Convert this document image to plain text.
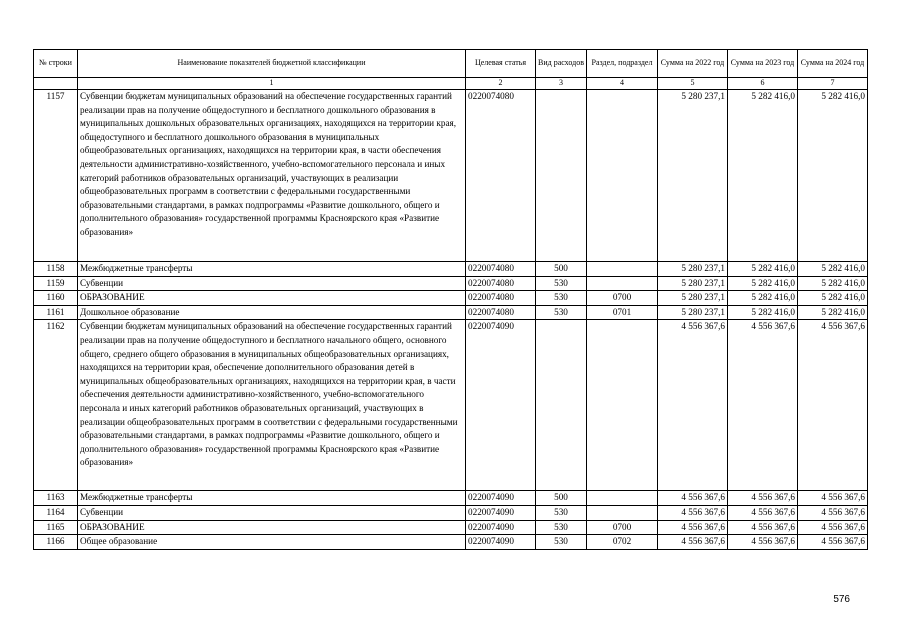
№ строки	Наименование показателей бюджетной классификации	Целевая статья	Вид расходов	Раздел, подраздел	Сумма на 2022 год	Сумма на 2023 год	Сумма на 2024 год
	1	2	3	4	5	6	7
1157	Субвенции бюджетам муниципальных образований на обеспечение государственных гарантий реализации прав на получение общедоступного и бесплатного дошкольного образования в муниципальных дошкольных образовательных организациях, находящихся на территории края, общедоступного и бесплатного дошкольного образования в муниципальных общеобразовательных организациях, находящихся на территории края, в части обеспечения деятельности административно-хозяйственного, учебно-вспомогательного персонала и иных категорий работников образовательных организаций, участвующих в реализации общеобразовательных программ в соответствии с федеральными государственными образовательными стандартами, в рамках подпрограммы «Развитие дошкольного, общего и дополнительного образования» государственной программы Красноярского края «Развитие образования»	0220074080			5 280 237,1	5 282 416,0	5 282 416,0
1158	Межбюджетные трансферты	0220074080	500		5 280 237,1	5 282 416,0	5 282 416,0
1159	Субвенции	0220074080	530		5 280 237,1	5 282 416,0	5 282 416,0
1160	ОБРАЗОВАНИЕ	0220074080	530	0700	5 280 237,1	5 282 416,0	5 282 416,0
1161	Дошкольное образование	0220074080	530	0701	5 280 237,1	5 282 416,0	5 282 416,0
1162	Субвенции бюджетам муниципальных образований на обеспечение государственных гарантий реализации прав на получение общедоступного и бесплатного начального общего, основного общего, среднего общего образования в муниципальных общеобразовательных организациях, находящихся на территории края, обеспечение дополнительного образования детей в муниципальных общеобразовательных организациях, находящихся на территории края, в части обеспечения деятельности административно-хозяйственного, учебно-вспомогательного персонала и иных категорий работников образовательных организаций, участвующих в реализации общеобразовательных программ в соответствии с федеральными государственными образовательными стандартами, в рамках подпрограммы «Развитие дошкольного, общего и дополнительного образования» государственной программы Красноярского края «Развитие образования»	0220074090			4 556 367,6	4 556 367,6	4 556 367,6
1163	Межбюджетные трансферты	0220074090	500		4 556 367,6	4 556 367,6	4 556 367,6
1164	Субвенции	0220074090	530		4 556 367,6	4 556 367,6	4 556 367,6
1165	ОБРАЗОВАНИЕ	0220074090	530	0700	4 556 367,6	4 556 367,6	4 556 367,6
1166	Общее образование	0220074090	530	0702	4 556 367,6	4 556 367,6	4 556 367,6
576
